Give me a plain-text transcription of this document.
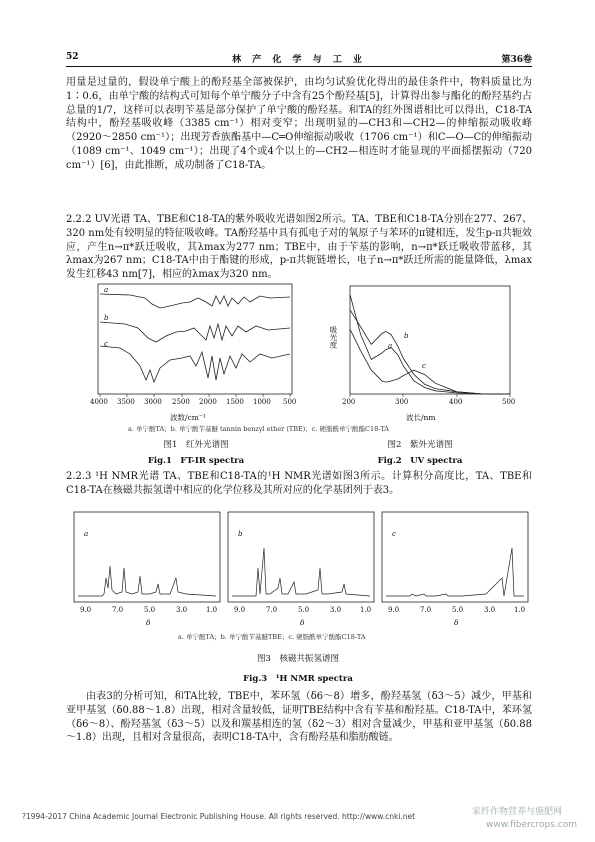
52	林 产 化 学 与 工 业	第36卷

用量是过量的，假设单宁酸上的酚羟基全部被保护，由均匀试验优化得出的最佳条件中，物料质量比为1∶0.6，由单宁酸的结构式可知每个单宁酸分子中含有25个酚羟基[5]，计算得出参与酯化的酚羟基约占总量的1/7，这样可以表明苄基是部分保护了单宁酸的酚羟基。和TA的红外图谱相比可以得出，C18-TA结构中，酚羟基吸收峰（3385 cm⁻¹）相对变窄；出现明显的—CH3和—CH2—的伸缩振动吸收峰（2920～2850 cm⁻¹）；出现芳香族酯基中—C═O伸缩振动吸收（1706 cm⁻¹）和C—O—C的伸缩振动（1089 cm⁻¹、1049 cm⁻¹）；出现了4个或4个以上的—CH2—相连时才能显现的平面摇摆振动（720 cm⁻¹）[6]，由此推断，成功制备了C18-TA。

2.2.2 UV光谱 TA、TBE和C18-TA的紫外吸收光谱如图2所示。TA、TBE和C18-TA分别在277、267、320 nm处有较明显的特征吸收峰。TA酚羟基中具有孤电子对的氧原子与苯环的π键相连，发生p-π共轭效应，产生n→π*跃迁吸收，其λmax为277 nm；TBE中，由于苄基的影响，n→π*跃迁吸收带蓝移，其λmax为267 nm；C18-TA中由于酯键的形成，p-π共轭链增长，电子n→π*跃迁所需的能量降低，λmax发生红移43 nm[7]，相应的λmax为320 nm。

a
b
c
4000 3500 3000 2500 2000 1500 1000 500
波数/cm⁻¹
a. 单宁酸TA；b. 单宁酸苄基醚 tannin benzyl ether (TBE)；c. 硬脂酰单宁酸酯C18-TA
200	300	400	500
吸光度	a
b
c
波长/nm
图1　红外光谱图
Fig.1　FT-IR spectra
图2　紫外光谱图
Fig.2　UV spectra

2.2.3 ¹H NMR光谱 TA、TBE和C18-TA的¹H NMR光谱如图3所示。计算积分高度比，TA、TBE和C18-TA在核磁共振氢谱中相应的化学位移及其所对应的化学基团列于表3。

a	b	c
9.0	7.0	5.0	3.0	1.0 9.0	7.0	5.0	3.0	1.0 9.0	7.0	5.0	3.0	1.0
δ	δ	δ
a. 单宁酸TA；b. 单宁酸苄基醚TBE；c. 硬脂酰单宁酸酯C18-TA
图3　核磁共振氢谱图
Fig.3　¹H NMR spectra

由表3的分析可知，和TA比较，TBE中，苯环氢（δ6～8）增多，酚羟基氢（δ3～5）减少，甲基和亚甲基氢（δ0.88～1.8）出现，相对含量较低，证明TBE结构中含有苄基和酚羟基。C18-TA中，苯环氢（δ6～8）、酚羟基氢（δ3～5）以及和羰基相连的氢（δ2～3）相对含量减少，甲基和亚甲基氢（δ0.88～1.8）出现，且相对含量很高，表明C18-TA中，含有酚羟基和脂肪酸链。

?1994-2017 China Academic Journal Electronic Publishing House. All rights reserved. http://www.cnki.net	家纤作物营养与施肥网
www.fibercrops.com
